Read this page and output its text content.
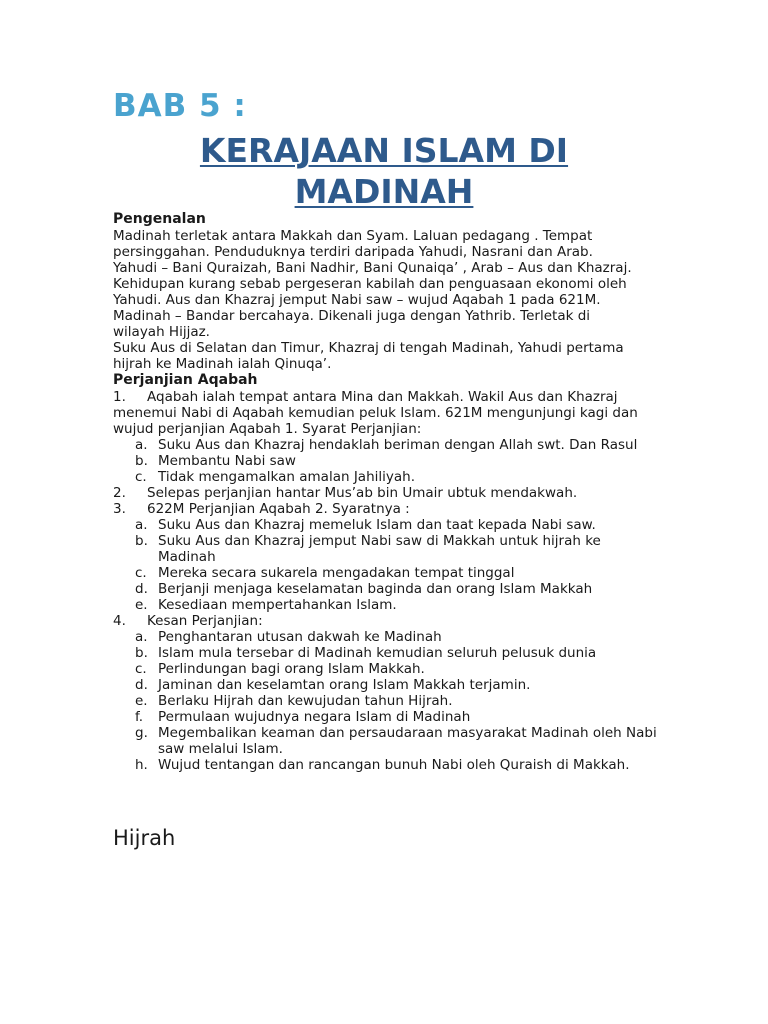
BAB 5 :
KERAJAAN ISLAM DI
MADINAH
Pengenalan

Madinah terletak antara Makkah dan Syam. Laluan pedagang . Tempat

persinggahan. Penduduknya terdiri daripada Yahudi, Nasrani dan Arab.

Yahudi – Bani Quraizah, Bani Nadhir, Bani Qunaiqa’ , Arab – Aus dan Khazraj.

Kehidupan kurang sebab pergeseran kabilah dan penguasaan ekonomi oleh

Yahudi. Aus dan Khazraj jemput Nabi saw – wujud Aqabah 1 pada 621M.

Madinah – Bandar bercahaya. Dikenali juga dengan Yathrib. Terletak di

wilayah Hijjaz.

Suku Aus di Selatan dan Timur, Khazraj di tengah Madinah, Yahudi pertama

hijrah ke Madinah ialah Qinuqa’.

Perjanjian Aqabah
1.	Aqabah ialah tempat antara Mina dan Makkah. Wakil Aus dan Khazraj

menemui Nabi di Aqabah kemudian peluk Islam. 621M mengunjungi kagi dan

wujud perjanjian Aqabah 1. Syarat Perjanjian:

a. Suku Aus dan Khazraj hendaklah beriman dengan Allah swt. Dan Rasul
b. Membantu Nabi saw
c. Tidak mengamalkan amalan Jahiliyah.
2.	Selepas perjanjian hantar Mus’ab bin Umair ubtuk mendakwah.
3.	622M Perjanjian Aqabah 2. Syaratnya :
a. Suku Aus dan Khazraj memeluk Islam dan taat kepada Nabi saw.
b. Suku Aus dan Khazraj jemput Nabi saw di Makkah untuk hijrah ke Madinah
c. Mereka secara sukarela mengadakan tempat tinggal
d. Berjanji menjaga keselamatan baginda dan orang Islam Makkah
e. Kesediaan mempertahankan Islam.
4.	Kesan Perjanjian:
a. Penghantaran utusan dakwah ke Madinah
b. Islam mula tersebar di Madinah kemudian seluruh pelusuk dunia
c. Perlindungan bagi orang Islam Makkah.
d. Jaminan dan keselamtan orang Islam Makkah terjamin.
e. Berlaku Hijrah dan kewujudan tahun Hijrah.
f.	Permulaan wujudnya negara Islam di Madinah
g. Megembalikan keaman dan persaudaraan masyarakat Madinah oleh Nabi saw melalui Islam.
h. Wujud tentangan dan rancangan bunuh Nabi oleh Quraish di Makkah.
Hijrah
